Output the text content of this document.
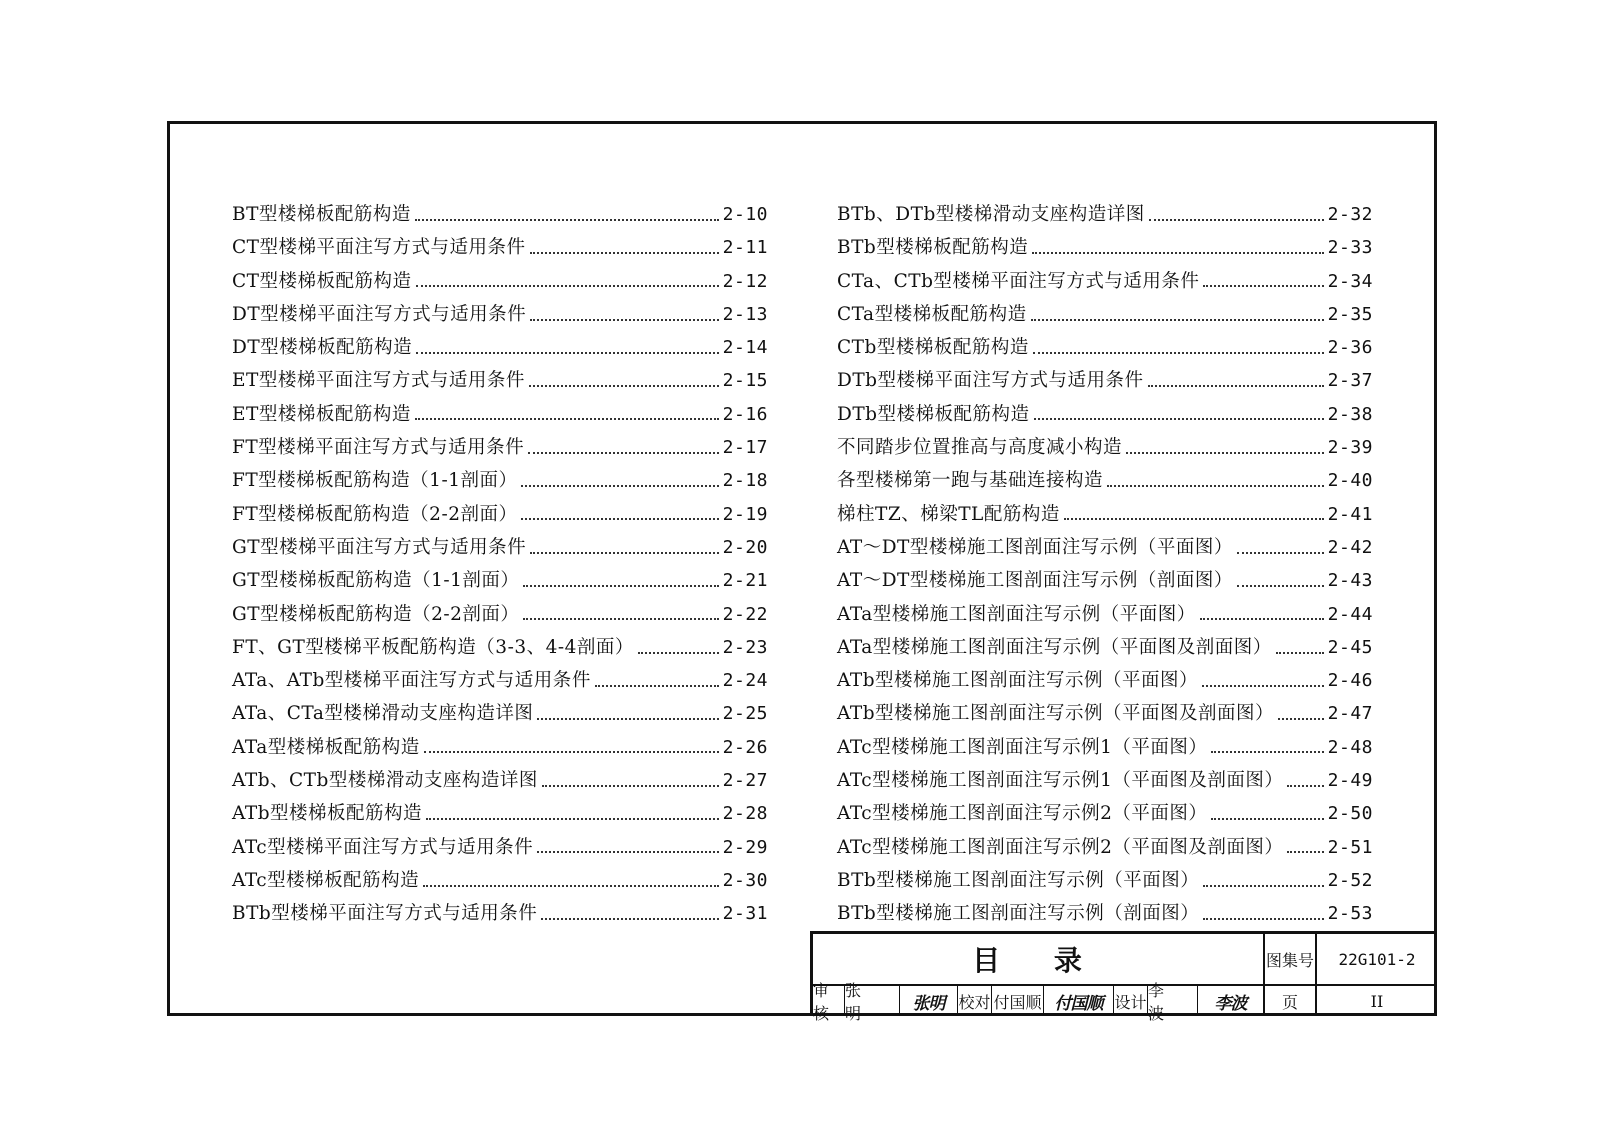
BT型楼梯板配筋构造	2-10
CT型楼梯平面注写方式与适用条件	2-11
CT型楼梯板配筋构造	2-12
DT型楼梯平面注写方式与适用条件	2-13
DT型楼梯板配筋构造	2-14
ET型楼梯平面注写方式与适用条件	2-15
ET型楼梯板配筋构造	2-16
FT型楼梯平面注写方式与适用条件	2-17
FT型楼梯板配筋构造（1-1剖面）	2-18
FT型楼梯板配筋构造（2-2剖面）	2-19
GT型楼梯平面注写方式与适用条件	2-20
GT型楼梯板配筋构造（1-1剖面）	2-21
GT型楼梯板配筋构造（2-2剖面）	2-22
FT、GT型楼梯平板配筋构造（3-3、4-4剖面）	2-23
ATa、ATb型楼梯平面注写方式与适用条件	2-24
ATa、CTa型楼梯滑动支座构造详图	2-25
ATa型楼梯板配筋构造	2-26
ATb、CTb型楼梯滑动支座构造详图	2-27
ATb型楼梯板配筋构造	2-28
ATc型楼梯平面注写方式与适用条件	2-29
ATc型楼梯板配筋构造	2-30
BTb型楼梯平面注写方式与适用条件	2-31
BTb、DTb型楼梯滑动支座构造详图	2-32
BTb型楼梯板配筋构造	2-33
CTa、CTb型楼梯平面注写方式与适用条件	2-34
CTa型楼梯板配筋构造	2-35
CTb型楼梯板配筋构造	2-36
DTb型楼梯平面注写方式与适用条件	2-37
DTb型楼梯板配筋构造	2-38
不同踏步位置推高与高度减小构造	2-39
各型楼梯第一跑与基础连接构造	2-40
梯柱TZ、梯梁TL配筋构造	2-41
AT～DT型楼梯施工图剖面注写示例（平面图）	2-42
AT～DT型楼梯施工图剖面注写示例（剖面图）	2-43
ATa型楼梯施工图剖面注写示例（平面图）	2-44
ATa型楼梯施工图剖面注写示例（平面图及剖面图）	2-45
ATb型楼梯施工图剖面注写示例（平面图）	2-46
ATb型楼梯施工图剖面注写示例（平面图及剖面图）	2-47
ATc型楼梯施工图剖面注写示例1（平面图）	2-48
ATc型楼梯施工图剖面注写示例1（平面图及剖面图） 2-49
ATc型楼梯施工图剖面注写示例2（平面图）	2-50
ATc型楼梯施工图剖面注写示例2（平面图及剖面图） 2-51
BTb型楼梯施工图剖面注写示例（平面图）	2-52
BTb型楼梯施工图剖面注写示例（剖面图）	2-53
目 录	图集号	22G101-2
审核
张 明	张明 校对 付国顺 付国顺 设计
李 波	李波	页	II
